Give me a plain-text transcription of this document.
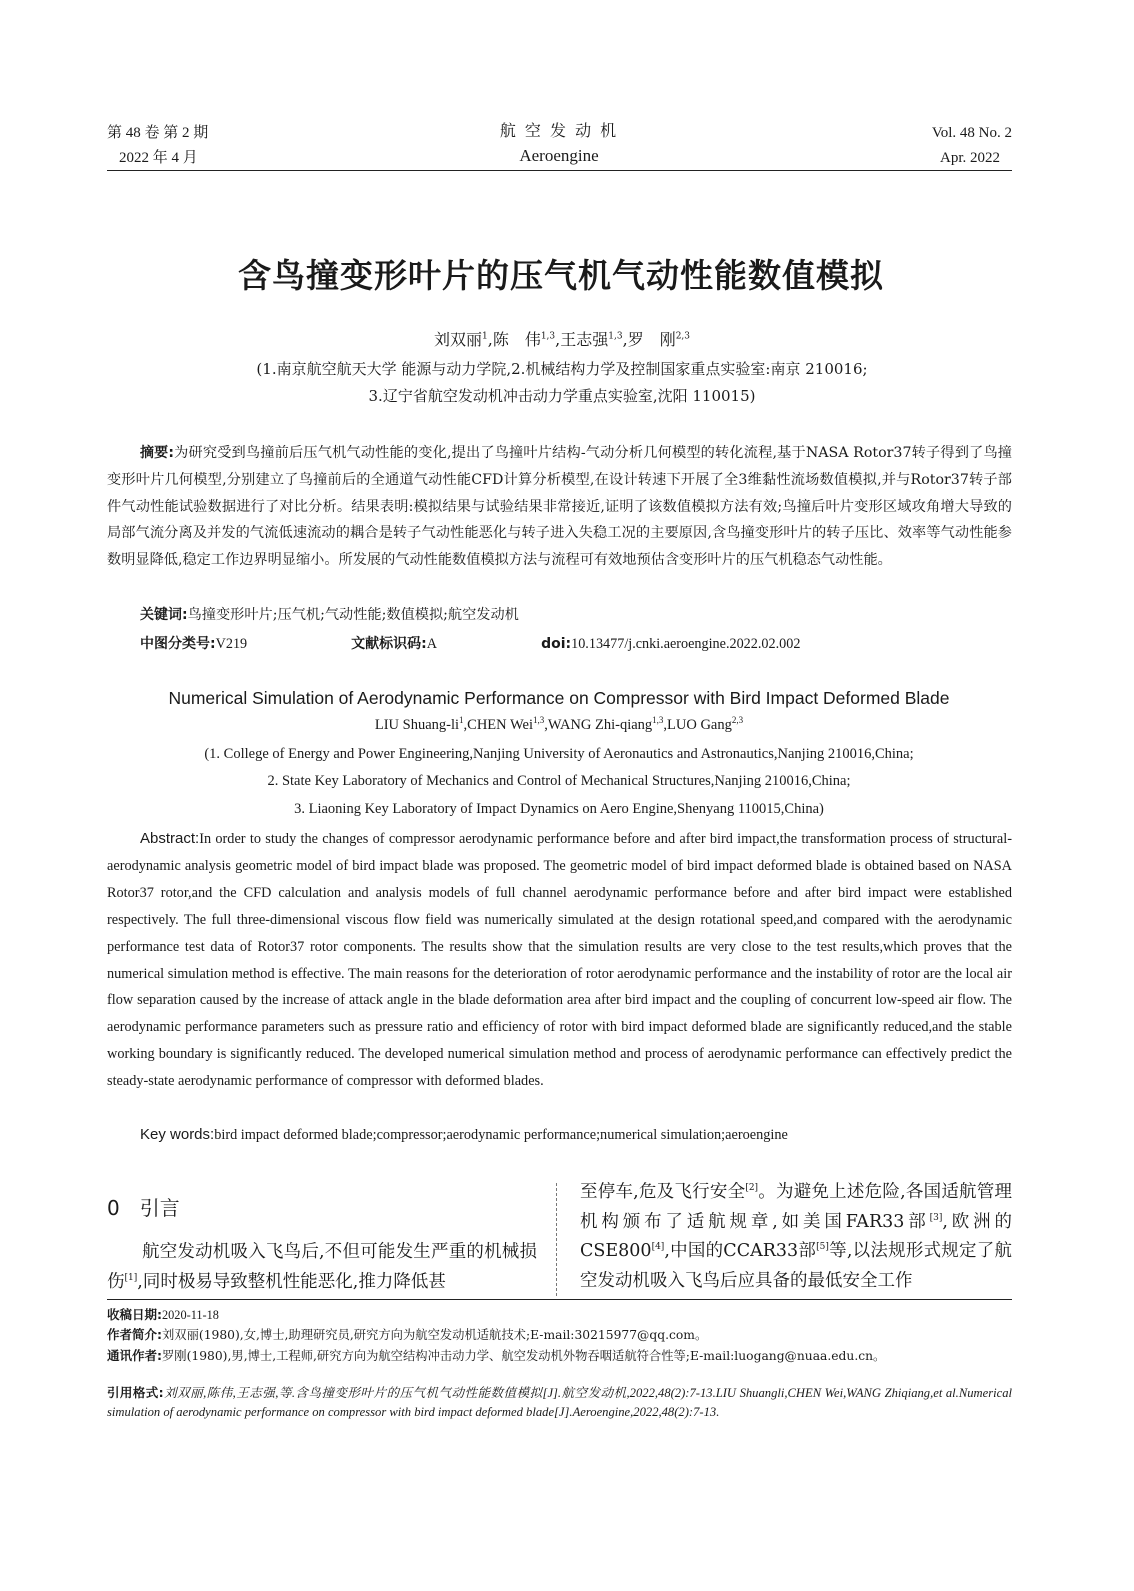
第 48 卷 第 2 期
2022 年 4 月
航 空 发 动 机
Aeroengine
Vol. 48 No. 2
Apr. 2022
含鸟撞变形叶片的压气机气动性能数值模拟
刘双丽$^1$,陈　伟$^{1,3}$,王志强$^{1,3}$,罗　刚$^{2,3}$
(1.南京航空航天大学 能源与动力学院,2.机械结构力学及控制国家重点实验室:南京 210016;
3.辽宁省航空发动机冲击动力学重点实验室,沈阳 110015)
摘要:为研究受到鸟撞前后压气机气动性能的变化,提出了鸟撞叶片结构-气动分析几何模型的转化流程,基于NASA Rotor37转子得到了鸟撞变形叶片几何模型,分别建立了鸟撞前后的全通道气动性能CFD计算分析模型,在设计转速下开展了全3维黏性流场数值模拟,并与Rotor37转子部件气动性能试验数据进行了对比分析。结果表明:模拟结果与试验结果非常接近,证明了该数值模拟方法有效;鸟撞后叶片变形区域攻角增大导致的局部气流分离及并发的气流低速流动的耦合是转子气动性能恶化与转子进入失稳工况的主要原因,含鸟撞变形叶片的转子压比、效率等气动性能参数明显降低,稳定工作边界明显缩小。所发展的气动性能数值模拟方法与流程可有效地预估含变形叶片的压气机稳态气动性能。
关键词:鸟撞变形叶片;压气机;气动性能;数值模拟;航空发动机
中图分类号:V219	文献标识码:A	doi:10.13477/j.cnki.aeroengine.2022.02.002
Numerical Simulation of Aerodynamic Performance on Compressor with Bird Impact Deformed Blade
LIU Shuang-$li^1,CHEN$ Wei$^{1,3}$,WANG Zhi-qiang$^{1,3}$,LUO Gang$^{2,3}$
(1. College of Energy and Power Engineering,Nanjing University of Aeronautics and Astronautics,Nanjing 210016,China;
2. State Key Laboratory of Mechanics and Control of Mechanical Structures,Nanjing 210016,China;
3. Liaoning Key Laboratory of Impact Dynamics on Aero Engine,Shenyang 110015,China)
Abstract:In order to study the changes of compressor aerodynamic performance before and after bird impact,the transformation process of structural- aerodynamic analysis geometric model of bird impact blade was proposed. The geometric model of bird impact deformed blade is obtained based on NASA Rotor37 rotor,and the CFD calculation and analysis models of full channel aerodynamic performance before and after bird impact were established respectively. The full three-dimensional viscous flow field was numerically simulated at the design rotational speed,and compared with the aerodynamic performance test data of Rotor37 rotor components. The results show that the simulation results are very close to the test results,which proves that the numerical simulation method is effective. The main reasons for the deterioration of rotor aerodynamic performance and the instability of rotor are the local air flow separation caused by the increase of attack angle in the blade deformation area after bird impact and the coupling of concurrent low-speed air flow. The aerodynamic performance parameters such as pressure ratio and efficiency of rotor with bird impact deformed blade are significantly reduced,and the stable working boundary is significantly reduced. The developed numerical simulation method and process of aerodynamic performance can effectively predict the steady-state aerodynamic performance of compressor with deformed blades.
Key words:bird impact deformed blade;compressor;aerodynamic performance;numerical simulation;aeroengine
0　引言
航空发动机吸入飞鸟后,不但可能发生严重的机械损伤[1],同时极易导致整机性能恶化,推力降低甚
至停车,危及飞行安全[2]。为避免上述危险,各国适航管理机构颁布了适航规章,如美国FAR33部[3],欧洲的CSE800[4],中国的CCAR33部[5]等,以法规形式规定了航空发动机吸入飞鸟后应具备的最低安全工作
收稿日期:2020-11-18
作者简介:刘双丽(1980),女,博士,助理研究员,研究方向为航空发动机适航技术;E-mail:30215977@qq.com。
通讯作者:罗刚(1980),男,博士,工程师,研究方向为航空结构冲击动力学、航空发动机外物吞咽适航符合性等;E-mail:luogang@nuaa.edu.cn。
引用格式:刘双丽,陈伟,王志强,等.含鸟撞变形叶片的压气机气动性能数值模拟[J].航空发动机,2022,48(2):7-13.LIU Shuangli,CHEN Wei,WANG Zhiqiang,et al.Numerical simulation of aerodynamic performance on compressor with bird impact deformed blade[J].Aeroengine,2022,48(2):7-13.
